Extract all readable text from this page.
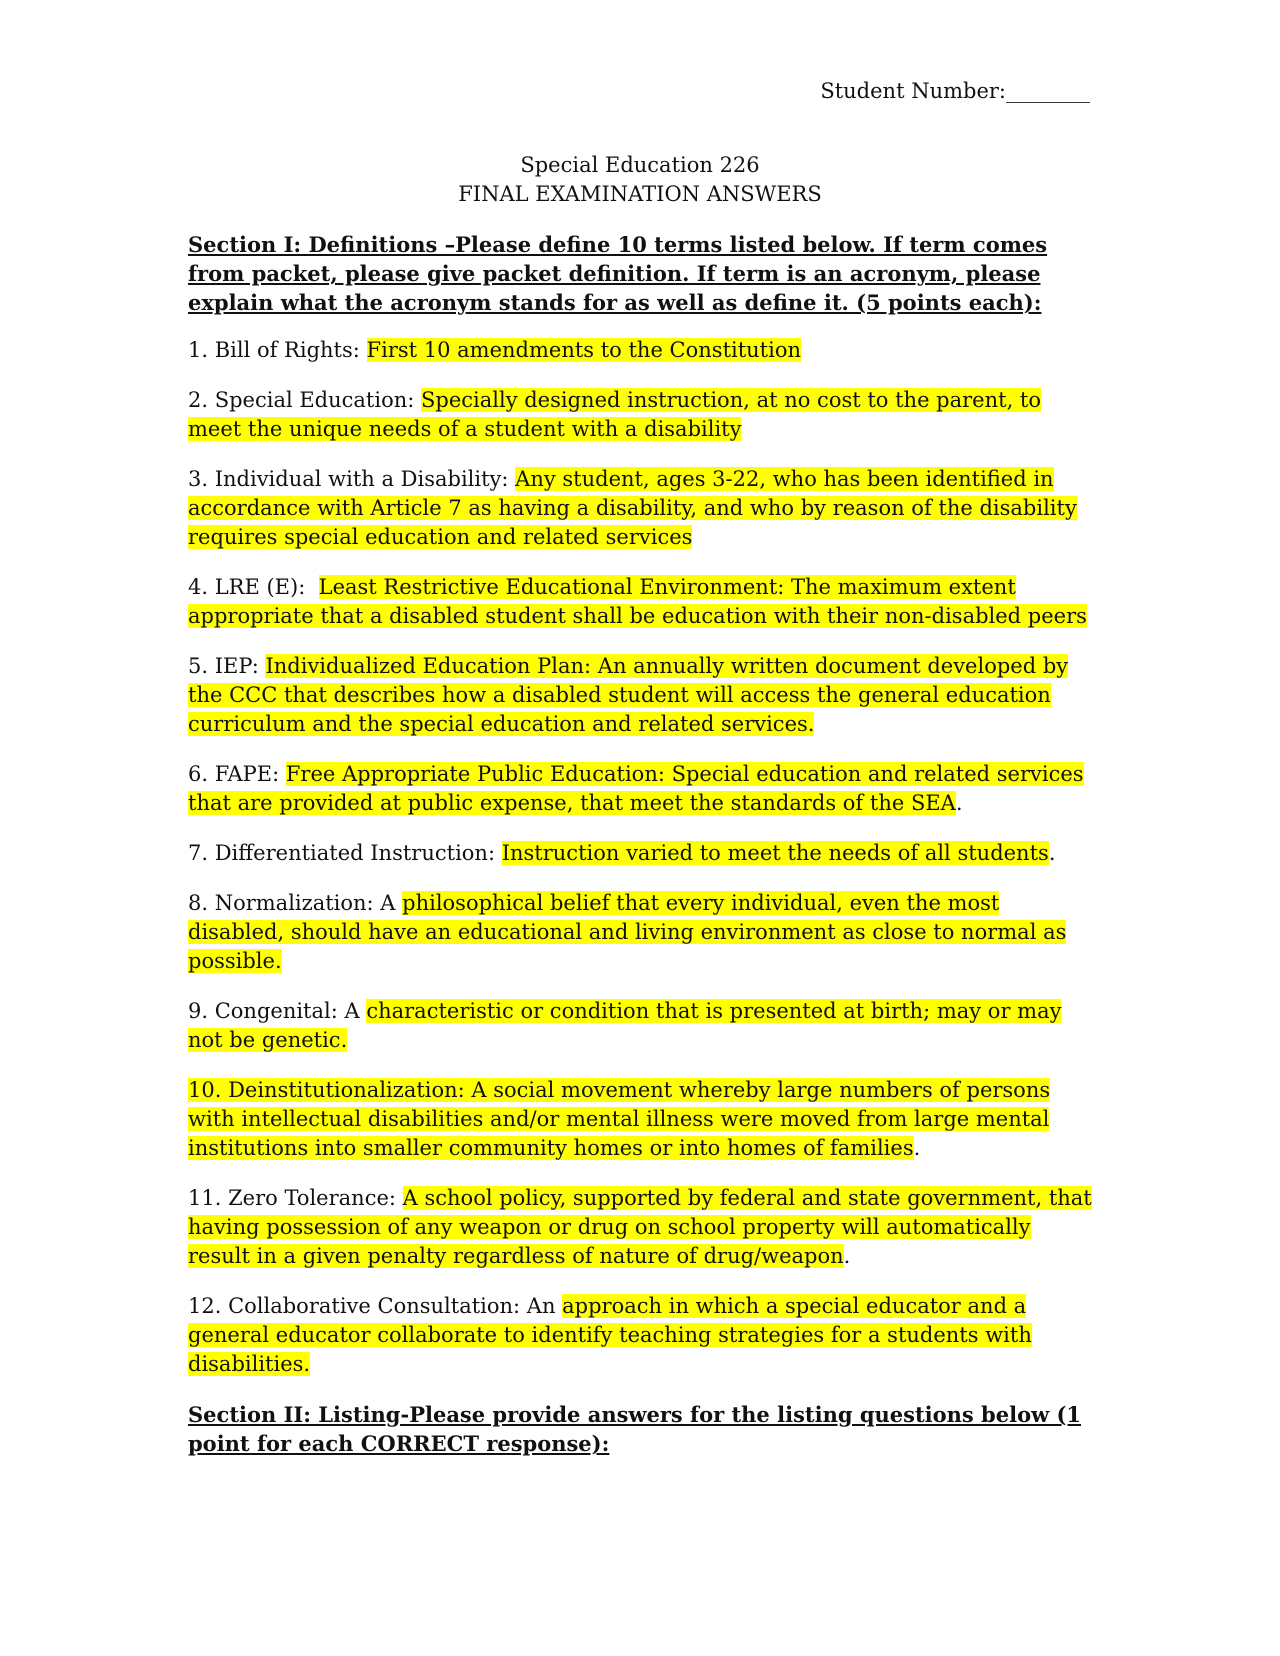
Student Number:________
Special Education 226
FINAL EXAMINATION ANSWERS

Section I: Definitions –Please define 10 terms listed below. If term comes from packet, please give packet definition. If term is an acronym, please explain what the acronym stands for as well as define it. (5 points each):

1. Bill of Rights: First 10 amendments to the Constitution

2. Special Education: Specially designed instruction, at no cost to the parent, to meet the unique needs of a student with a disability

3. Individual with a Disability: Any student, ages 3-22, who has been identified in accordance with Article 7 as having a disability, and who by reason of the disability requires special education and related services

4. LRE (E):  Least Restrictive Educational Environment: The maximum extent appropriate that a disabled student shall be education with their non-disabled peers

5. IEP: Individualized Education Plan: An annually written document developed by the CCC that describes how a disabled student will access the general education curriculum and the special education and related services.

6. FAPE: Free Appropriate Public Education: Special education and related services that are provided at public expense, that meet the standards of the SEA.

7. Differentiated Instruction: Instruction varied to meet the needs of all students.

8. Normalization: A philosophical belief that every individual, even the most disabled, should have an educational and living environment as close to normal as possible.

9. Congenital: A characteristic or condition that is presented at birth; may or may not be genetic.

10. Deinstitutionalization: A social movement whereby large numbers of persons with intellectual disabilities and/or mental illness were moved from large mental institutions into smaller community homes or into homes of families.

11. Zero Tolerance: A school policy, supported by federal and state government, that having possession of any weapon or drug on school property will automatically result in a given penalty regardless of nature of drug/weapon.

12. Collaborative Consultation: An approach in which a special educator and a general educator collaborate to identify teaching strategies for a students with disabilities.

Section II: Listing-Please provide answers for the listing questions below (1 point for each CORRECT response):
